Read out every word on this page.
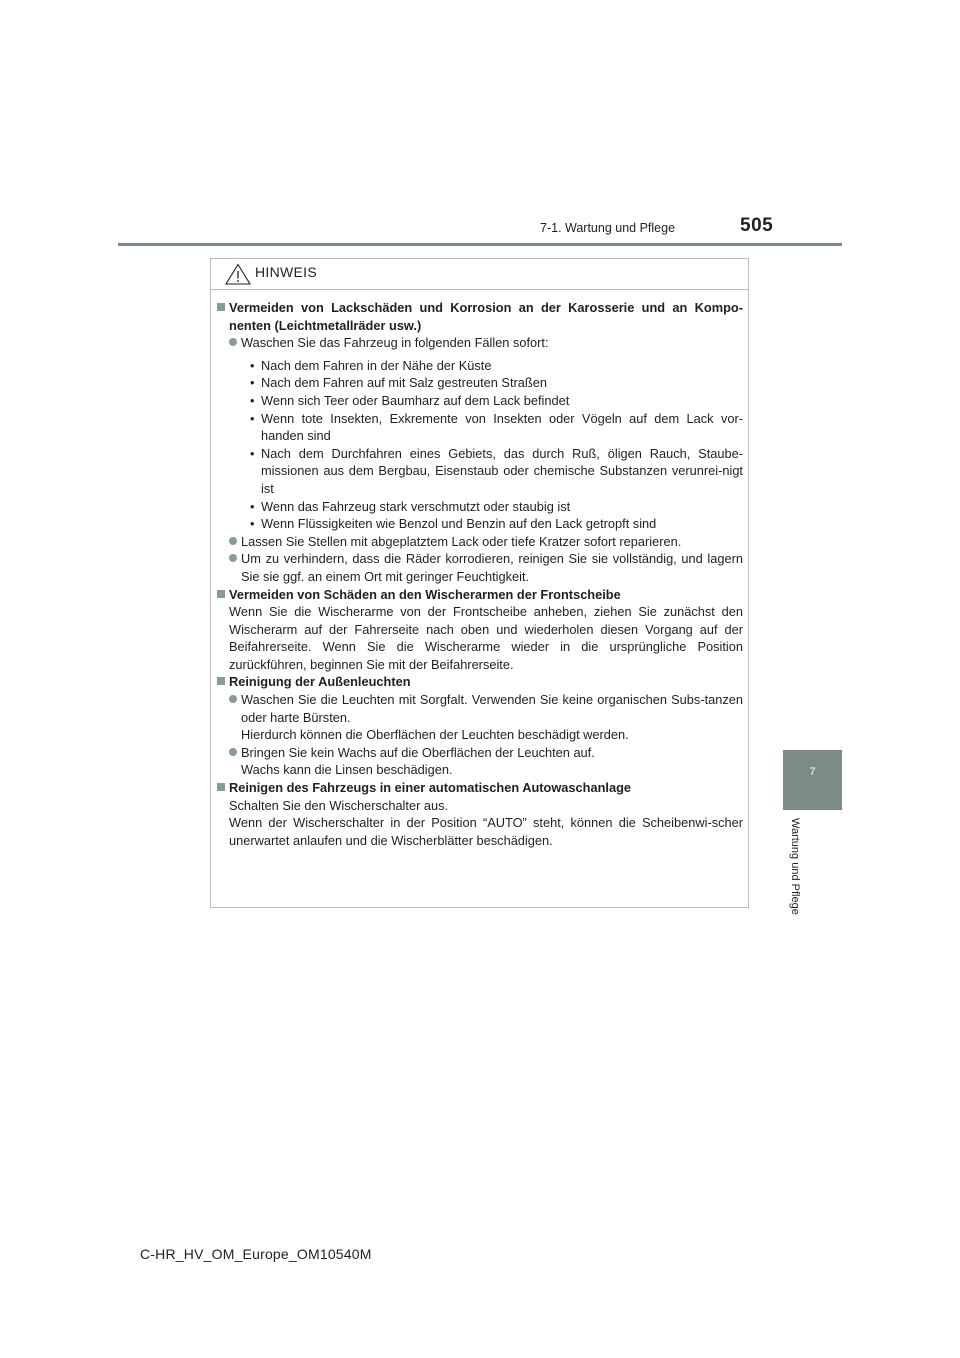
7-1. Wartung und Pflege	505
7
Wartung und Pflege
HINWEIS

Vermeiden von Lackschäden und Korrosion an der Karosserie und an Kompo-nenten (Leichtmetallräder usw.)

Waschen Sie das Fahrzeug in folgenden Fällen sofort:

• Nach dem Fahren in der Nähe der Küste
• Nach dem Fahren auf mit Salz gestreuten Straßen
• Wenn sich Teer oder Baumharz auf dem Lack befindet
• Wenn tote Insekten, Exkremente von Insekten oder Vögeln auf dem Lack vor-handen sind
• Nach dem Durchfahren eines Gebiets, das durch Ruß, öligen Rauch, Staube-missionen aus dem Bergbau, Eisenstaub oder chemische Substanzen verunrei-nigt ist
• Wenn das Fahrzeug stark verschmutzt oder staubig ist
• Wenn Flüssigkeiten wie Benzol und Benzin auf den Lack getropft sind

Lassen Sie Stellen mit abgeplatztem Lack oder tiefe Kratzer sofort reparieren.

Um zu verhindern, dass die Räder korrodieren, reinigen Sie sie vollständig, und lagern Sie sie ggf. an einem Ort mit geringer Feuchtigkeit.

Vermeiden von Schäden an den Wischerarmen der Frontscheibe

Wenn Sie die Wischerarme von der Frontscheibe anheben, ziehen Sie zunächst den Wischerarm auf der Fahrerseite nach oben und wiederholen diesen Vorgang auf der Beifahrerseite. Wenn Sie die Wischerarme wieder in die ursprüngliche Position zurückführen, beginnen Sie mit der Beifahrerseite.

Reinigung der Außenleuchten

Waschen Sie die Leuchten mit Sorgfalt. Verwenden Sie keine organischen Subs-tanzen oder harte Bürsten.

Hierdurch können die Oberflächen der Leuchten beschädigt werden.

Bringen Sie kein Wachs auf die Oberflächen der Leuchten auf.

Wachs kann die Linsen beschädigen.

Reinigen des Fahrzeugs in einer automatischen Autowaschanlage

Schalten Sie den Wischerschalter aus.

Wenn der Wischerschalter in der Position “AUTO” steht, können die Scheibenwi-scher unerwartet anlaufen und die Wischerblätter beschädigen.

C-HR_HV_OM_Europe_OM10540M
